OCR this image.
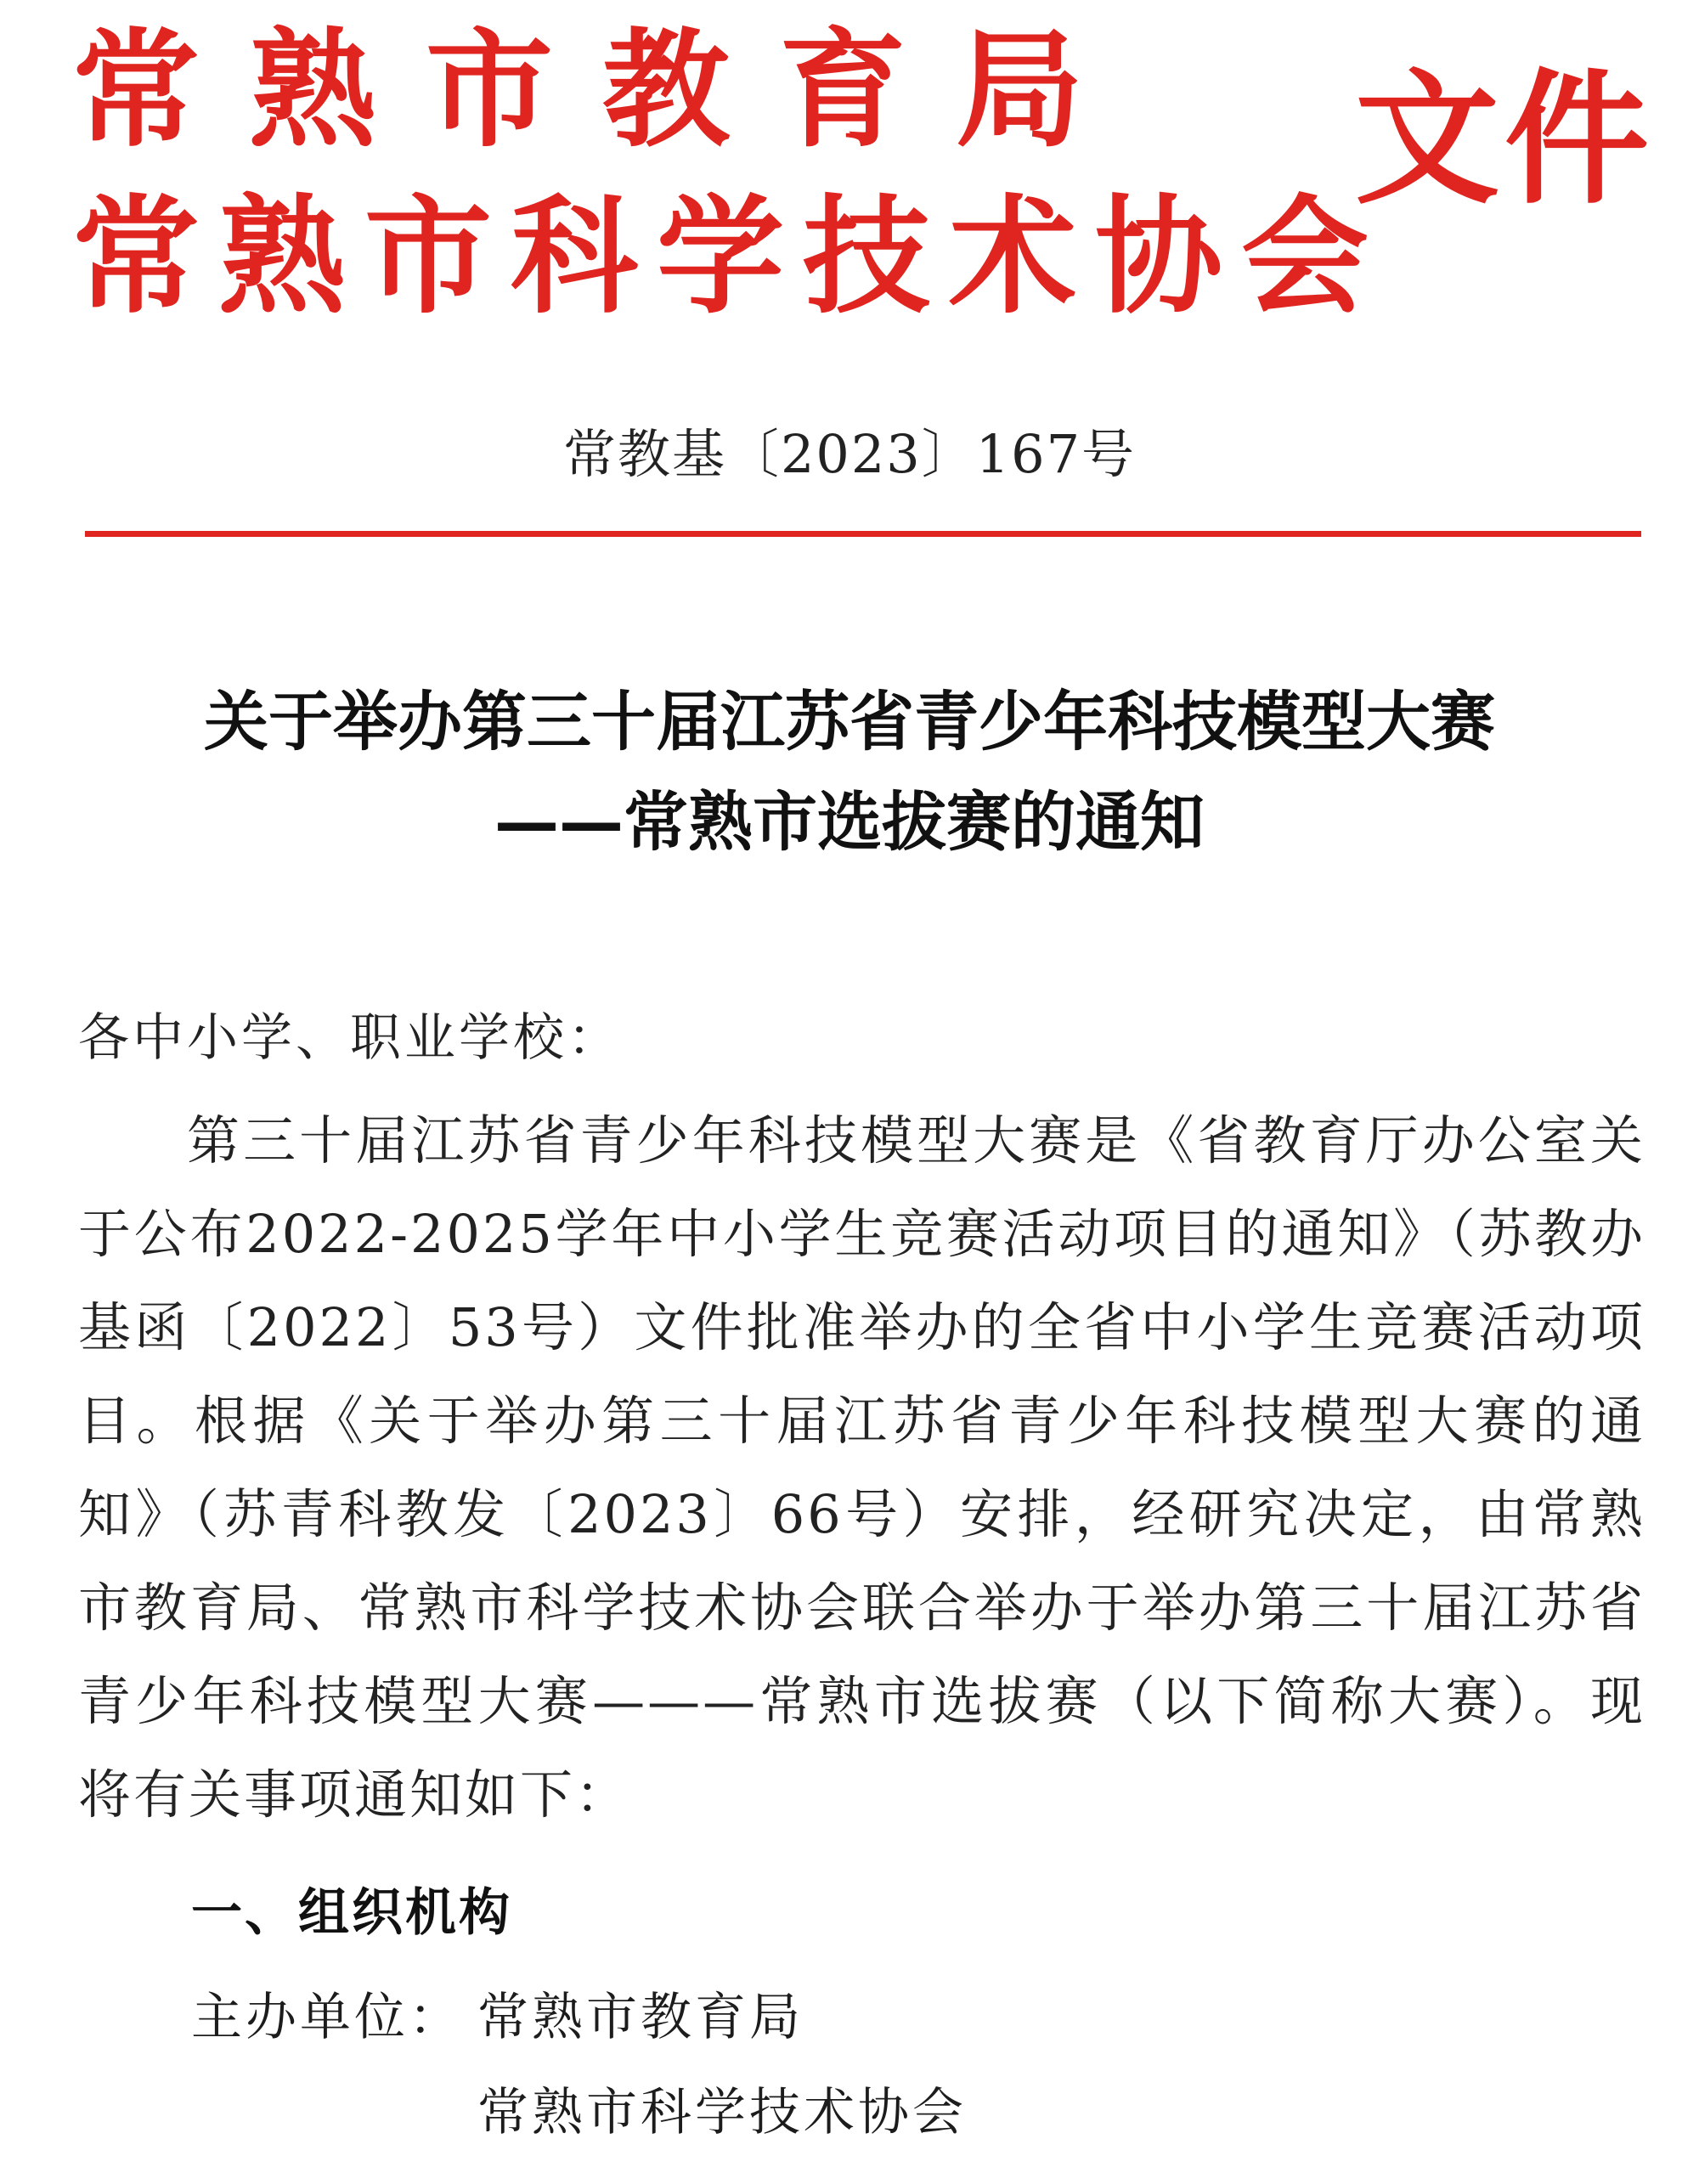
常熟市教育局
常熟市科学技术协会
文件
常教基〔2023〕167号
关于举办第三十届江苏省青少年科技模型大赛
——常熟市选拔赛的通知
各中小学、职业学校：
第三十届江苏省青少年科技模型大赛是《省教育厅办公室关于公布2022-2025学年中小学生竞赛活动项目的通知》（苏教办基函〔2022〕53号）文件批准举办的全省中小学生竞赛活动项目。根据《关于举办第三十届江苏省青少年科技模型大赛的通知》（苏青科教发〔2023〕66号）安排，经研究决定，由常熟市教育局、常熟市科学技术协会联合举办于举办第三十届江苏省青少年科技模型大赛———常熟市选拔赛（以下简称大赛）。现将有关事项通知如下：
一、组织机构
主办单位： 常熟市教育局
常熟市科学技术协会
